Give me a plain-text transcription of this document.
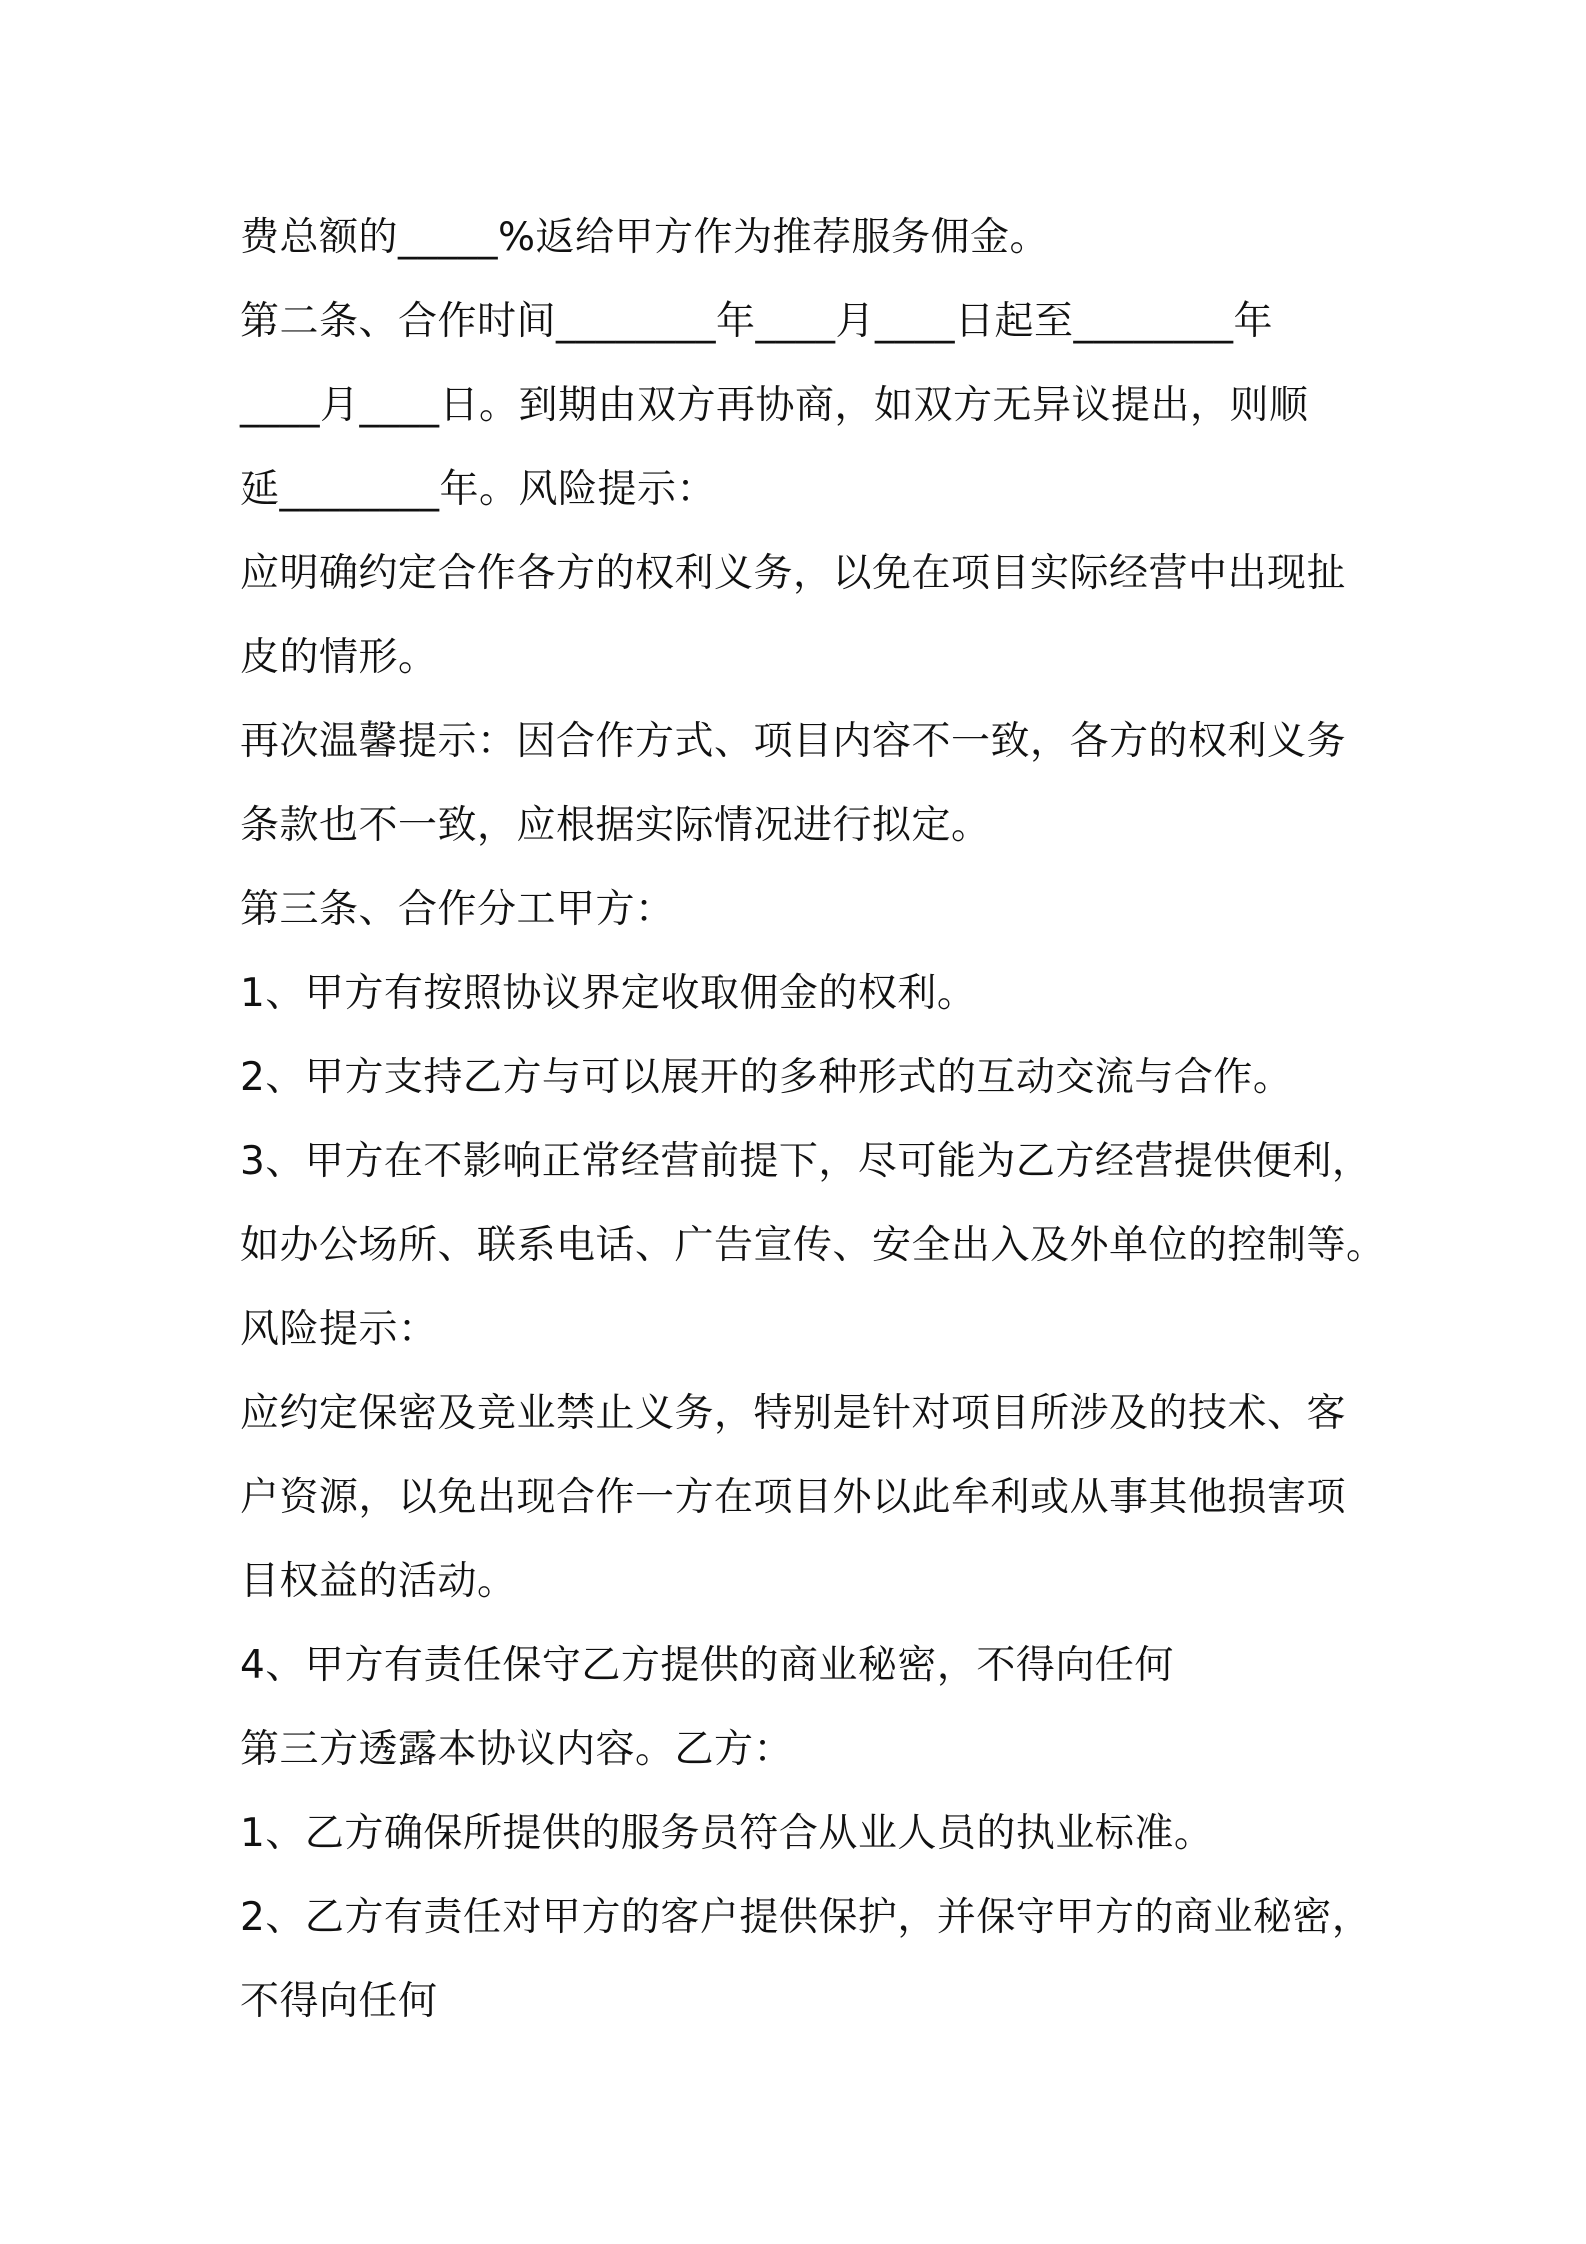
费总额的_____%返给甲方作为推荐服务佣金。
第二条、合作时间________年____月____日起至________年
____月____日。到期由双方再协商，如双方无异议提出，则顺
延________年。风险提示：
应明确约定合作各方的权利义务，以免在项目实际经营中出现扯
皮的情形。
再次温馨提示：因合作方式、项目内容不一致，各方的权利义务
条款也不一致，应根据实际情况进行拟定。
第三条、合作分工甲方：
1、甲方有按照协议界定收取佣金的权利。
2、甲方支持乙方与可以展开的多种形式的互动交流与合作。
3、甲方在不影响正常经营前提下，尽可能为乙方经营提供便利，
如办公场所、联系电话、广告宣传、安全出入及外单位的控制等。
风险提示：
应约定保密及竞业禁止义务，特别是针对项目所涉及的技术、客
户资源，以免出现合作一方在项目外以此牟利或从事其他损害项
目权益的活动。
4、甲方有责任保守乙方提供的商业秘密，不得向任何
第三方透露本协议内容。乙方：
1、乙方确保所提供的服务员符合从业人员的执业标准。
2、乙方有责任对甲方的客户提供保护，并保守甲方的商业秘密，
不得向任何
